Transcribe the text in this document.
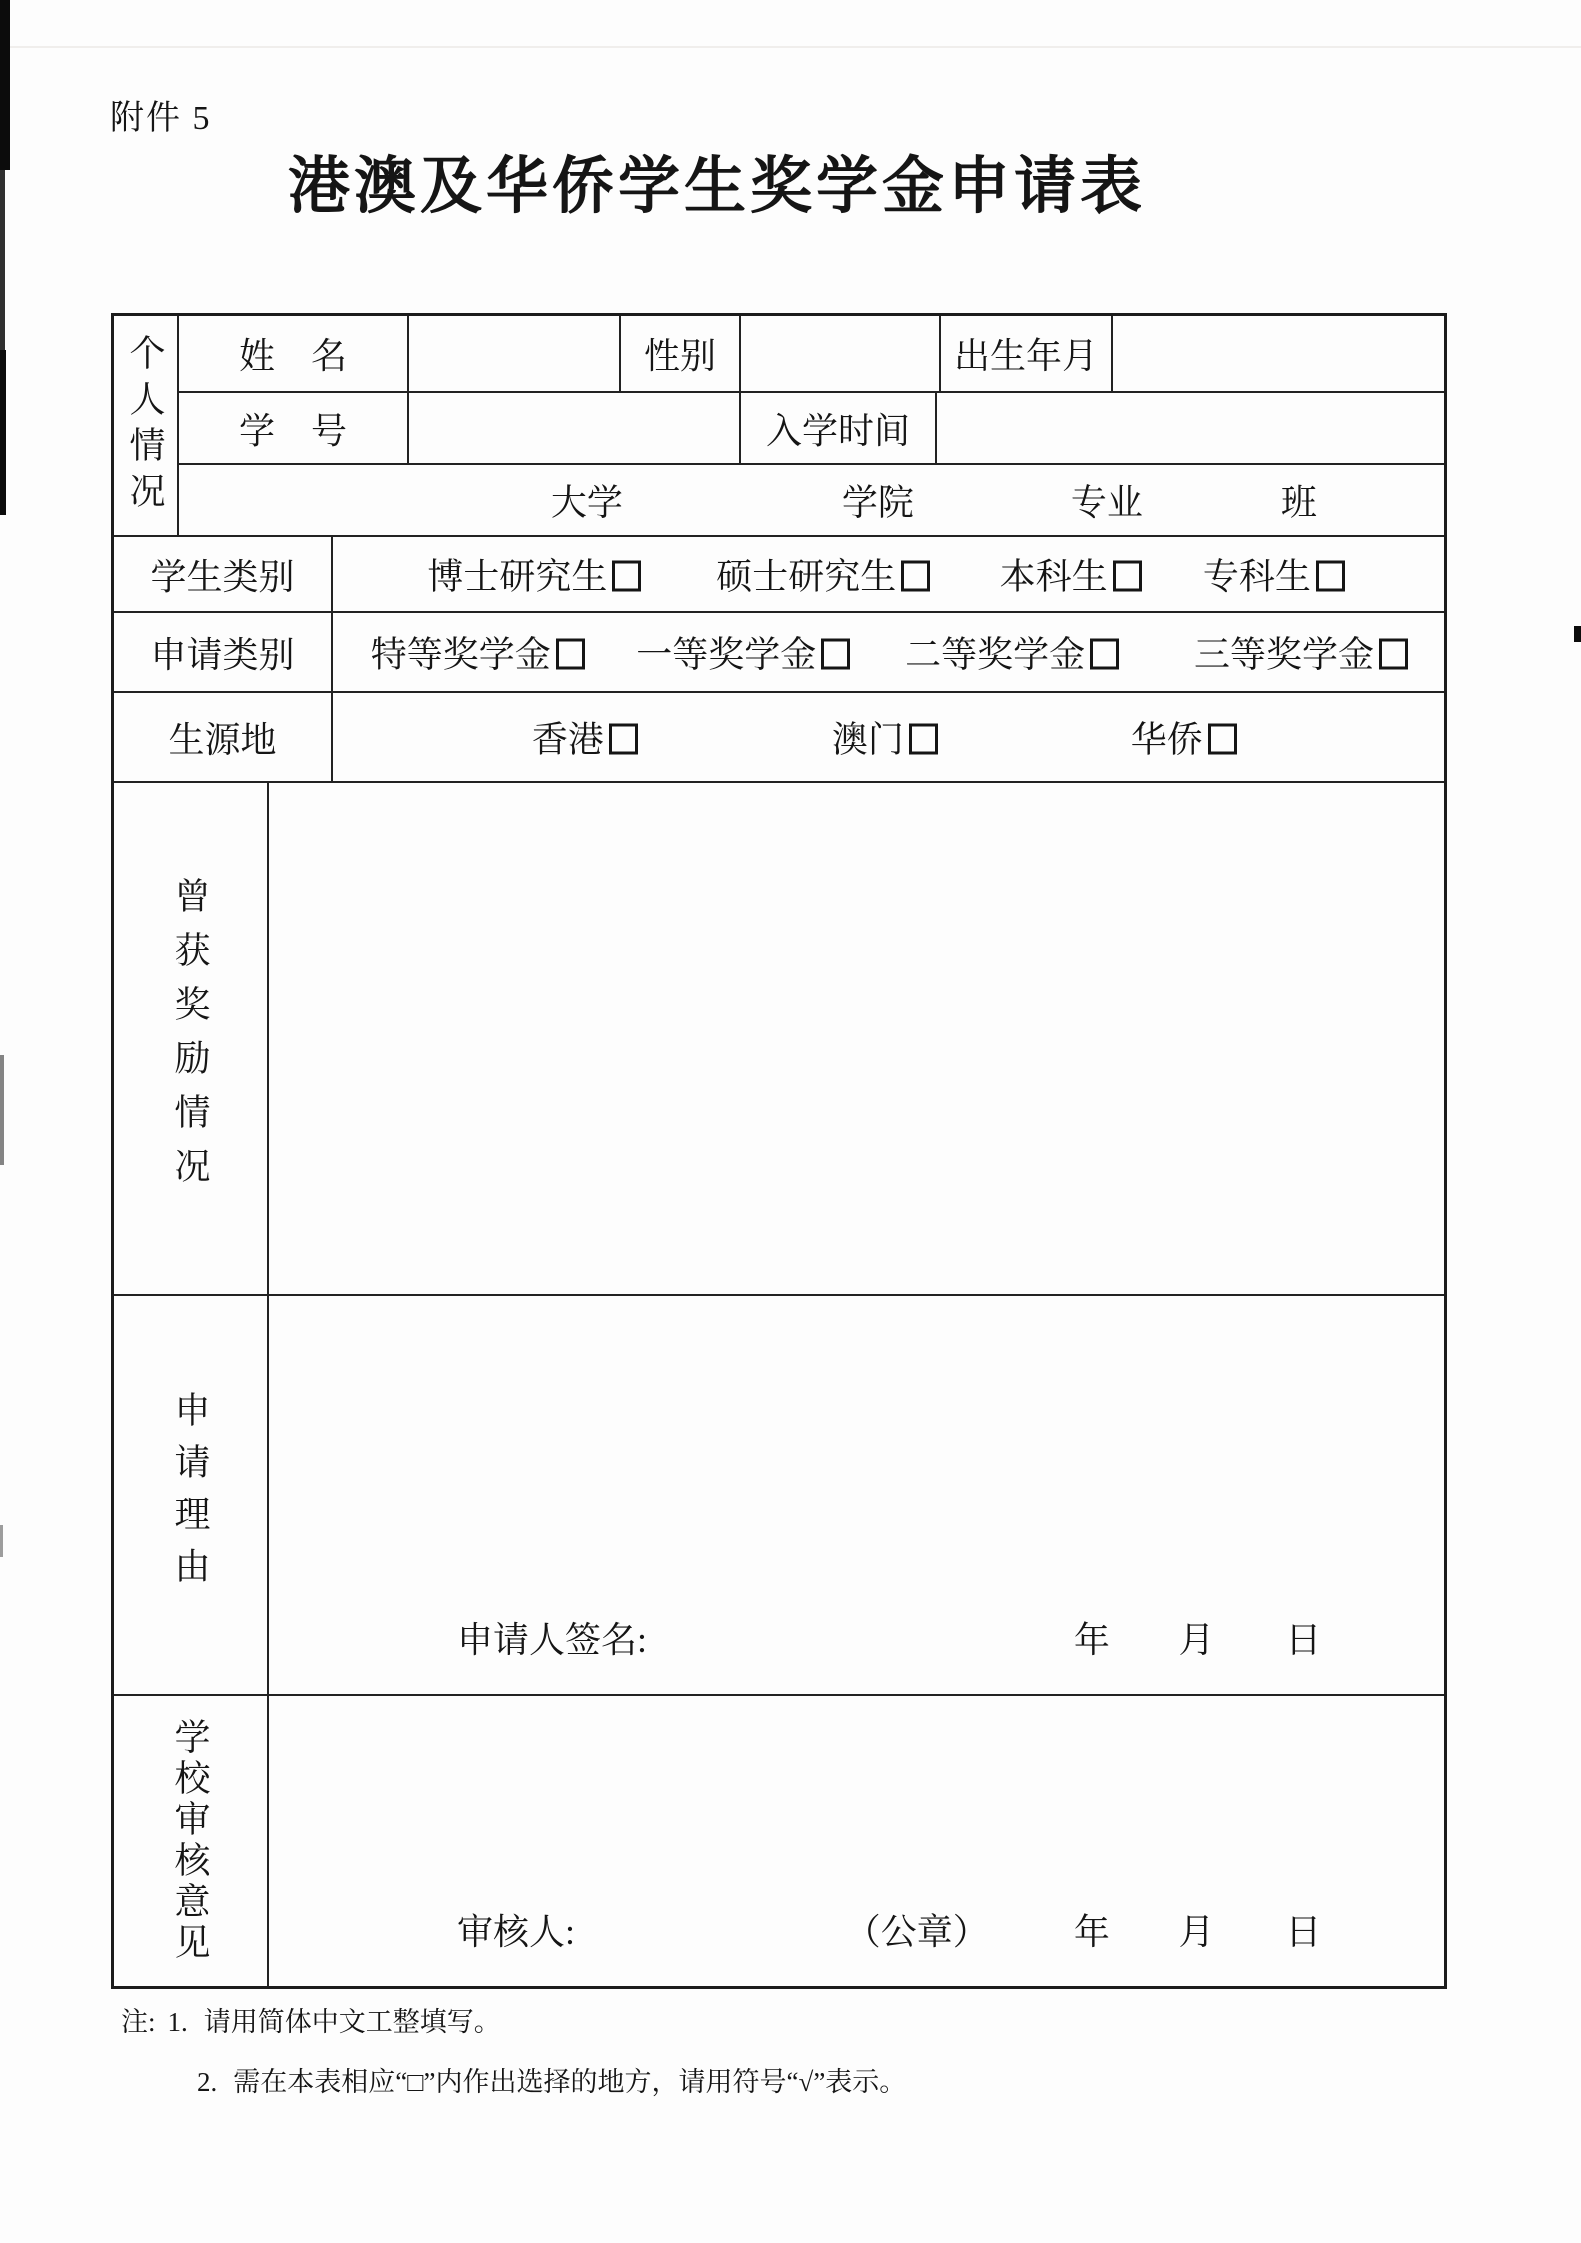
附件 5
港澳及华侨学生奖学金申请表
个人情况	姓　名	性别	出生年月
学　号	入学时间
大学	学院	专业	班
学生类别	博士研究生	硕士研究生	本科生	专科生
申请类别	特等奖学金 一等奖学金 二等奖学金	三等奖学金
生源地	香港	澳门	华侨
曾获奖励情况
申请理由
申请人签名:	年 月 日
学校审核意见	审核人:	（公章） 年 月 日
注: 1. 请用简体中文工整填写。
2. 需在本表相应“□”内作出选择的地方，请用符号“√”表示。
